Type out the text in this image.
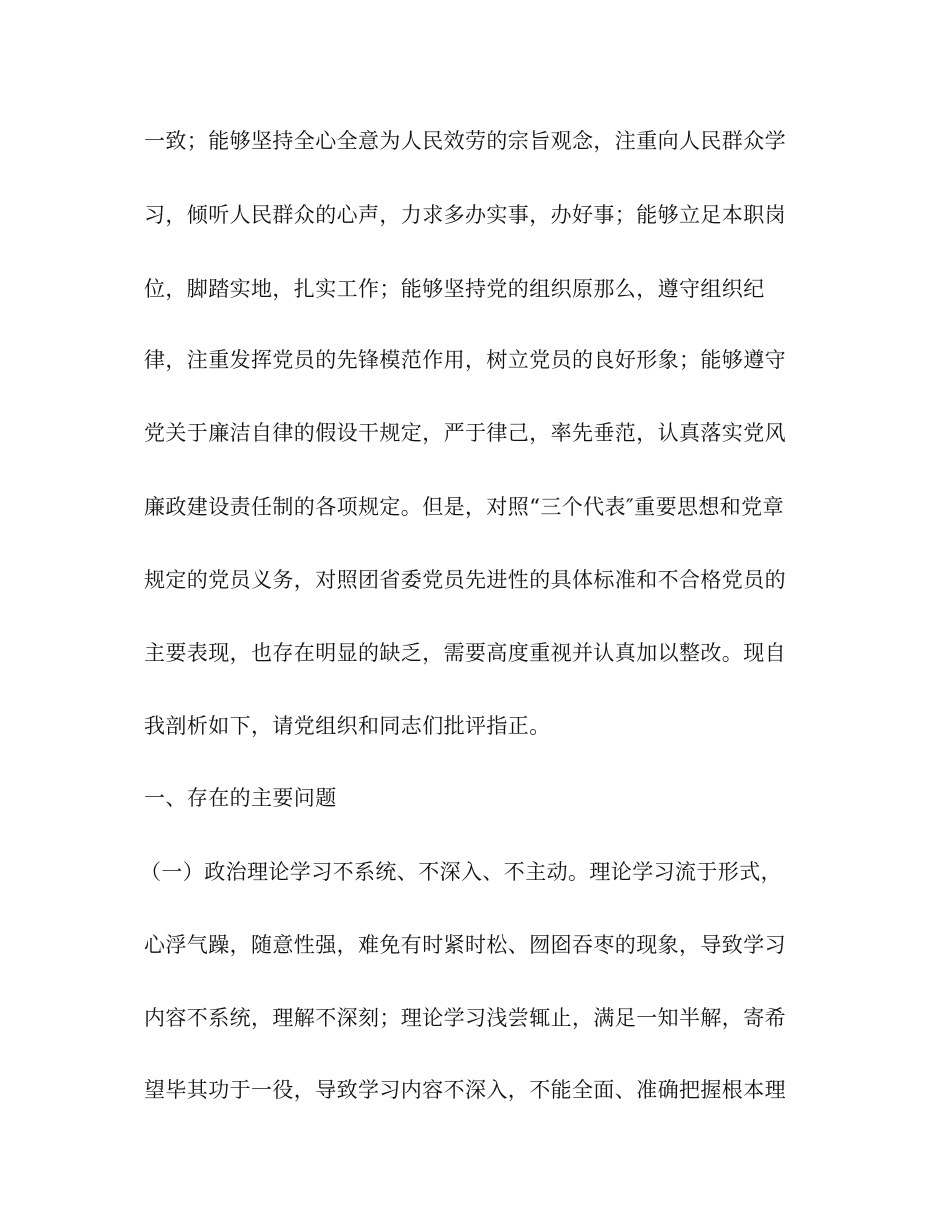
一致；能够坚持全心全意为人民效劳的宗旨观念，注重向人民群众学
习，倾听人民群众的心声，力求多办实事，办好事；能够立足本职岗
位，脚踏实地，扎实工作；能够坚持党的组织原那么，遵守组织纪
律，注重发挥党员的先锋模范作用，树立党员的良好形象；能够遵守
党关于廉洁自律的假设干规定，严于律己，率先垂范，认真落实党风
廉政建设责任制的各项规定。但是，对照“三个代表″重要思想和党章
规定的党员义务，对照团省委党员先进性的具体标准和不合格党员的
主要表现，也存在明显的缺乏，需要高度重视并认真加以整改。现自
我剖析如下，请党组织和同志们批评指正。
一、存在的主要问题
（一）政治理论学习不系统、不深入、不主动。理论学习流于形式，
心浮气躁，随意性强，难免有时紧时松、囫囵吞枣的现象，导致学习
内容不系统，理解不深刻；理论学习浅尝辄止，满足一知半解，寄希
望毕其功于一役，导致学习内容不深入，不能全面、准确把握根本理
